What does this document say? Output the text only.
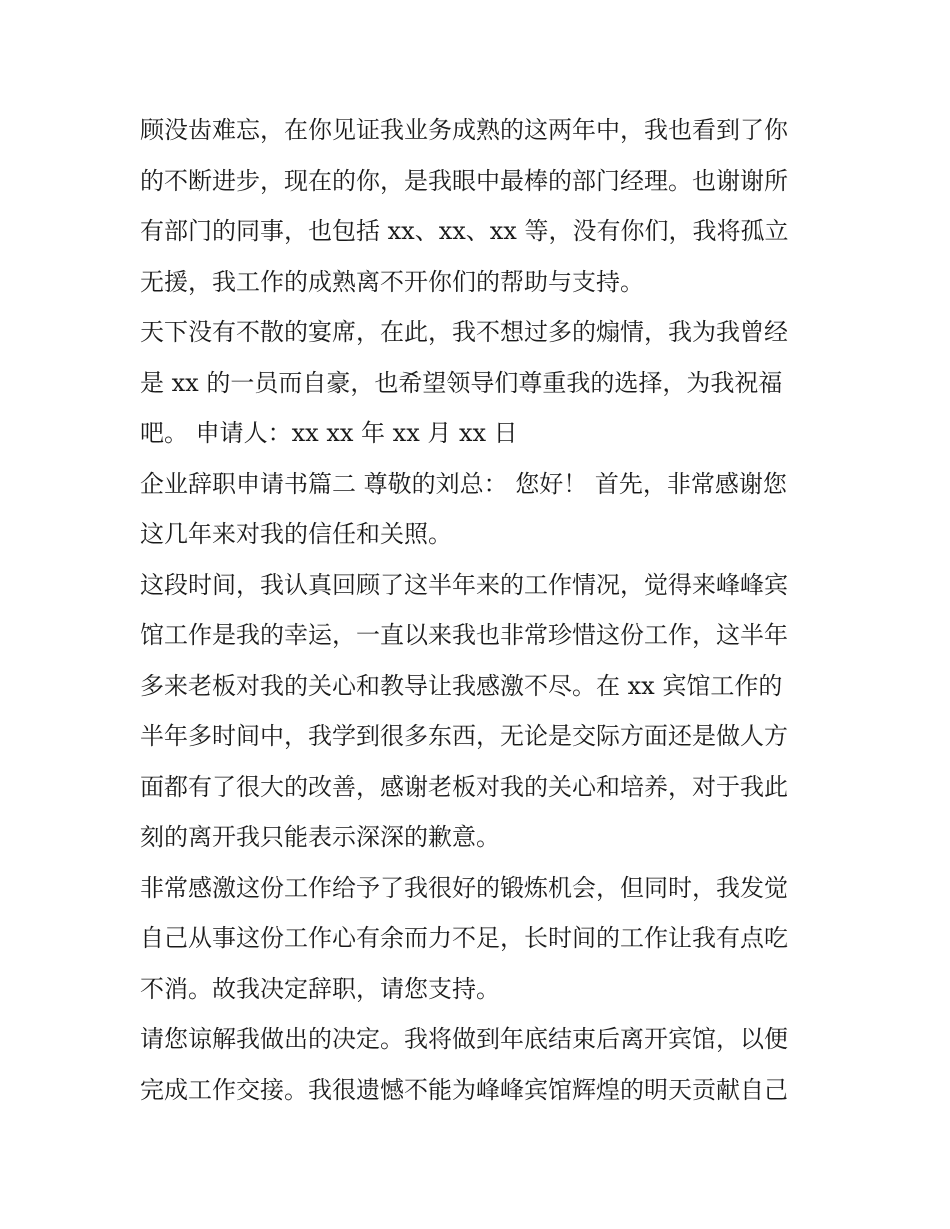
顾没齿难忘，在你见证我业务成熟的这两年中，我也看到了你
的不断进步，现在的你，是我眼中最棒的部门经理。也谢谢所
有部门的同事，也包括 xx、xx、xx 等，没有你们，我将孤立
无援，我工作的成熟离不开你们的帮助与支持。
天下没有不散的宴席，在此，我不想过多的煽情，我为我曾经
是 xx 的一员而自豪，也希望领导们尊重我的选择，为我祝福
吧。 申请人：xx xx 年 xx 月 xx 日
企业辞职申请书篇二 尊敬的刘总： 您好！ 首先，非常感谢您
这几年来对我的信任和关照。
这段时间，我认真回顾了这半年来的工作情况，觉得来峰峰宾
馆工作是我的幸运，一直以来我也非常珍惜这份工作，这半年
多来老板对我的关心和教导让我感激不尽。在 xx 宾馆工作的
半年多时间中，我学到很多东西，无论是交际方面还是做人方
面都有了很大的改善，感谢老板对我的关心和培养，对于我此
刻的离开我只能表示深深的歉意。
非常感激这份工作给予了我很好的锻炼机会，但同时，我发觉
自己从事这份工作心有余而力不足，长时间的工作让我有点吃
不消。故我决定辞职，请您支持。
请您谅解我做出的决定。我将做到年底结束后离开宾馆，以便
完成工作交接。我很遗憾不能为峰峰宾馆辉煌的明天贡献自己
